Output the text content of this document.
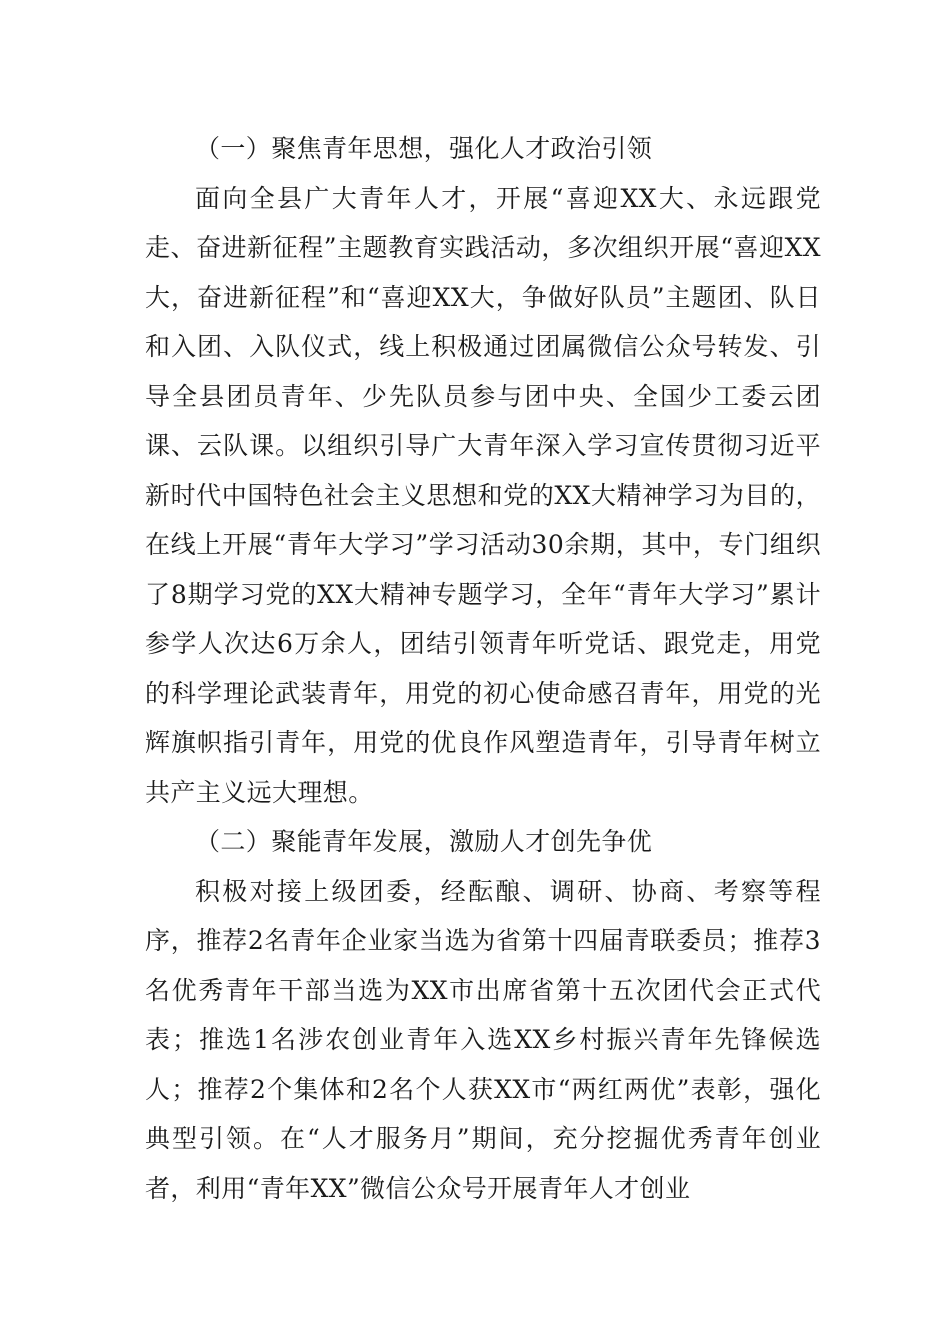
（一）聚焦青年思想，强化人才政治引领

面向全县广大青年人才，开展“喜迎XX大、永远跟党走、奋进新征程”主题教育实践活动，多次组织开展“喜迎XX大，奋进新征程”和“喜迎XX大，争做好队员”主题团、队日和入团、入队仪式，线上积极通过团属微信公众号转发、引导全县团员青年、少先队员参与团中央、全国少工委云团课、云队课。以组织引导广大青年深入学习宣传贯彻习近平新时代中国特色社会主义思想和党的XX大精神学习为目的，在线上开展“青年大学习”学习活动30余期，其中，专门组织了8期学习党的XX大精神专题学习，全年“青年大学习”累计参学人次达6万余人，团结引领青年听党话、跟党走，用党的科学理论武装青年，用党的初心使命感召青年，用党的光辉旗帜指引青年，用党的优良作风塑造青年，引导青年树立共产主义远大理想。

（二）聚能青年发展，激励人才创先争优

积极对接上级团委，经酝酿、调研、协商、考察等程序，推荐2名青年企业家当选为省第十四届青联委员；推荐3名优秀青年干部当选为XX市出席省第十五次团代会正式代表；推选1名涉农创业青年入选XX乡村振兴青年先锋候选人；推荐2个集体和2名个人获XX市“两红两优”表彰，强化典型引领。在“人才服务月”期间，充分挖掘优秀青年创业者，利用“青年XX”微信公众号开展青年人才创业
